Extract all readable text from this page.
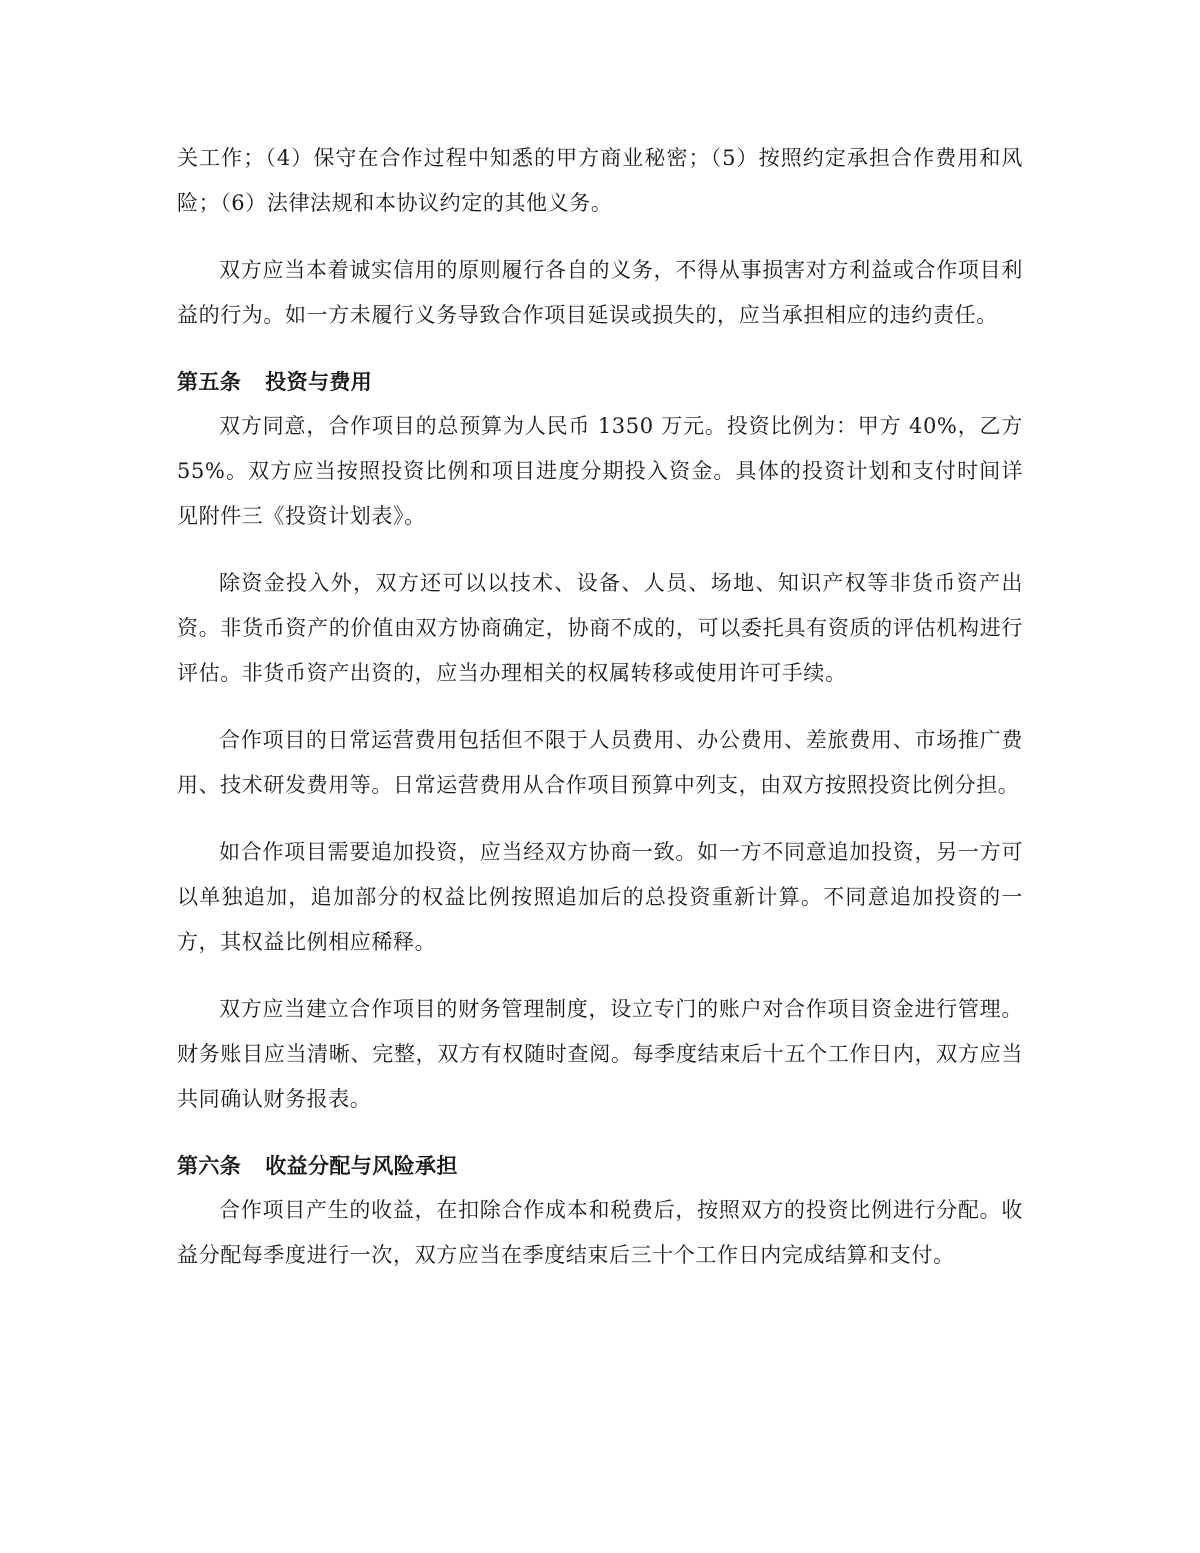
关工作；（4）保守在合作过程中知悉的甲方商业秘密；（5）按照约定承担合作费用和风险；（6）法律法规和本协议约定的其他义务。

双方应当本着诚实信用的原则履行各自的义务，不得从事损害对方利益或合作项目利益的行为。如一方未履行义务导致合作项目延误或损失的，应当承担相应的违约责任。

第五条 投资与费用

双方同意，合作项目的总预算为人民币 1350 万元。投资比例为：甲方 40%，乙方 55%。双方应当按照投资比例和项目进度分期投入资金。具体的投资计划和支付时间详见附件三《投资计划表》。

除资金投入外，双方还可以以技术、设备、人员、场地、知识产权等非货币资产出资。非货币资产的价值由双方协商确定，协商不成的，可以委托具有资质的评估机构进行评估。非货币资产出资的，应当办理相关的权属转移或使用许可手续。

合作项目的日常运营费用包括但不限于人员费用、办公费用、差旅费用、市场推广费用、技术研发费用等。日常运营费用从合作项目预算中列支，由双方按照投资比例分担。

如合作项目需要追加投资，应当经双方协商一致。如一方不同意追加投资，另一方可以单独追加，追加部分的权益比例按照追加后的总投资重新计算。不同意追加投资的一方，其权益比例相应稀释。

双方应当建立合作项目的财务管理制度，设立专门的账户对合作项目资金进行管理。财务账目应当清晰、完整，双方有权随时查阅。每季度结束后十五个工作日内，双方应当共同确认财务报表。

第六条 收益分配与风险承担

合作项目产生的收益，在扣除合作成本和税费后，按照双方的投资比例进行分配。收益分配每季度进行一次，双方应当在季度结束后三十个工作日内完成结算和支付。
